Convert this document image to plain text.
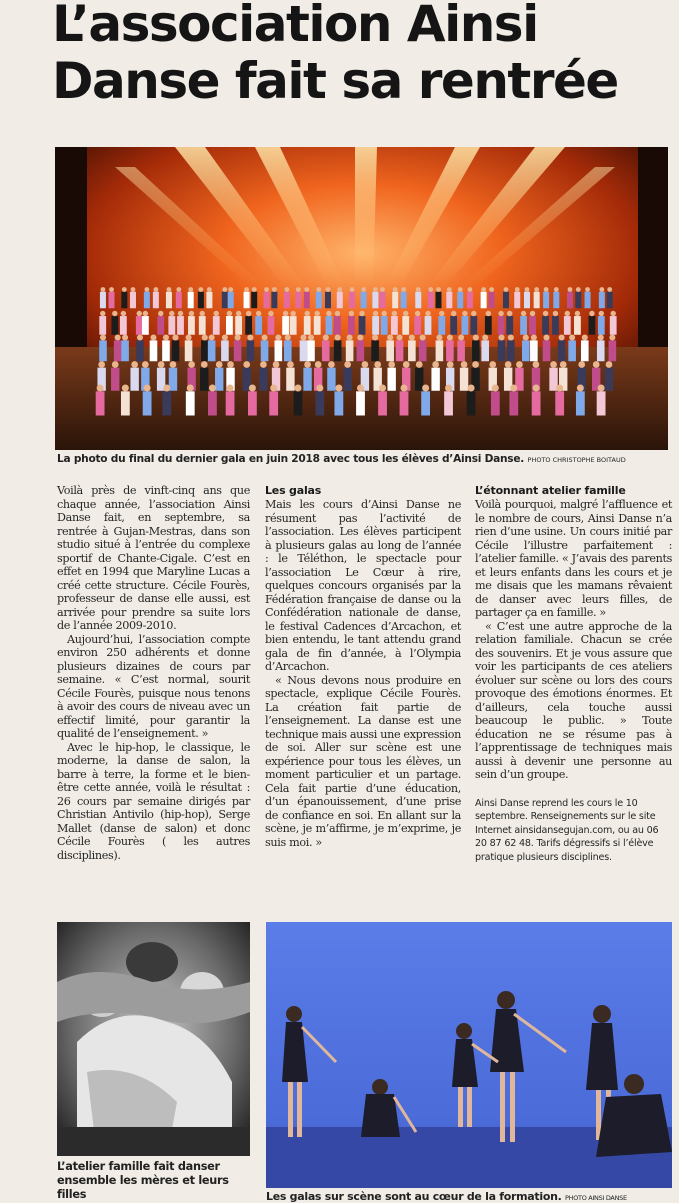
L’association Ainsi
Danse fait sa rentrée
La photo du final du dernier gala en juin 2018 avec tous les élèves d’Ainsi Danse. PHOTO CHRISTOPHE BOITAUD

Voilà près de vinft-cinq ans que chaque année, l’association Ainsi Danse fait, en septembre, sa rentrée à Gujan-Mestras, dans son studio situé à l’entrée du complexe sportif de Chante-Cigale. C’est en effet en 1994 que Maryline Lucas a créé cette structure. Cécile Fourès, professeur de danse elle aussi, est arrivée pour prendre sa suite lors de l’année 2009-2010.

Aujourd’hui, l’association compte environ 250 adhérents et donne plusieurs dizaines de cours par semaine. « C’est normal, sourit Cécile Fourès, puisque nous tenons à avoir des cours de niveau avec un effectif limité, pour garantir la qualité de l’enseignement. »

Avec le hip-hop, le classique, le moderne, la danse de salon, la barre à terre, la forme et le bien-être cette année, voilà le résultat : 26 cours par semaine dirigés par Christian Antivilo (hip-hop), Serge Mallet (danse de salon) et donc Cécile Fourès ( les autres disciplines).

Les galas

Mais les cours d’Ainsi Danse ne résument pas l’activité de l’association. Les élèves participent à plusieurs galas au long de l’année : le Téléthon, le spectacle pour l’association Le Cœur à rire, quelques concours organisés par la Fédération française de danse ou la Confédération nationale de danse, le festival Cadences d’Arcachon, et bien entendu, le tant attendu grand gala de fin d’année, à l’Olympia d’Arcachon.

« Nous devons nous produire en spectacle, explique Cécile Fourès. La création fait partie de l’enseignement. La danse est une technique mais aussi une expression de soi. Aller sur scène est une expérience pour tous les élèves, un moment particulier et un partage. Cela fait partie d’une éducation, d’un épanouissement, d’une prise de confiance en soi. En allant sur la scène, je m’affirme, je m’exprime, je suis moi. »

L’étonnant atelier famille

Voilà pourquoi, malgré l’affluence et le nombre de cours, Ainsi Danse n’a rien d’une usine. Un cours initié par Cécile l’illustre parfaitement : l’atelier famille. « J’avais des parents et leurs enfants dans les cours et je me disais que les mamans rêvaient de danser avec leurs filles, de partager ça en famille. »

« C’est une autre approche de la relation familiale. Chacun se crée des souvenirs. Et je vous assure que voir les participants de ces ateliers évoluer sur scène ou lors des cours provoque des émotions énormes. Et d’ailleurs, cela touche aussi beaucoup le public. » Toute éducation ne se résume pas à l’apprentissage de techniques mais aussi à devenir une personne au sein d’un groupe.

Ainsi Danse reprend les cours le 10 septembre. Renseignements sur le site Internet ainsidansegujan.com, ou au 06 20 87 62 48. Tarifs dégressifs si l’élève pratique plusieurs disciplines.
L’atelier famille fait danser ensemble les mères et leurs filles	Les galas sur scène sont au cœur de la formation. PHOTO AINSI DANSE
